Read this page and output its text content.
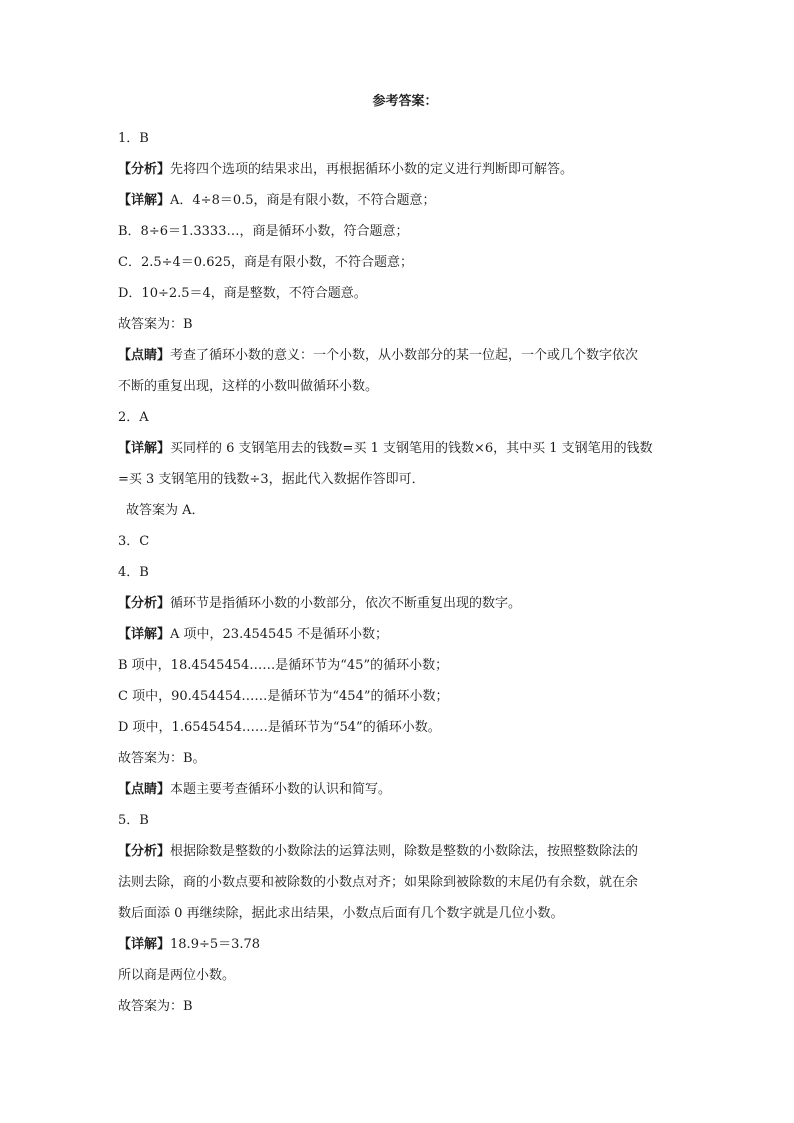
参考答案：
1．B
【分析】先将四个选项的结果求出，再根据循环小数的定义进行判断即可解答。
【详解】A．4÷8＝0.5，商是有限小数，不符合题意；
B．8÷6＝1.3333…，商是循环小数，符合题意；
C．2.5÷4＝0.625，商是有限小数，不符合题意；
D．10÷2.5＝4，商是整数，不符合题意。
故答案为：B
【点睛】考查了循环小数的意义：一个小数，从小数部分的某一位起，一个或几个数字依次
不断的重复出现，这样的小数叫做循环小数。
2．A
【详解】买同样的 6 支钢笔用去的钱数=买 1 支钢笔用的钱数×6，其中买 1 支钢笔用的钱数
=买 3 支钢笔用的钱数÷3，据此代入数据作答即可．
故答案为 A．
3．C
4．B
【分析】循环节是指循环小数的小数部分，依次不断重复出现的数字。
【详解】A 项中，23.454545 不是循环小数；
B 项中，18.4545454……是循环节为“45”的循环小数；
C 项中，90.454454……是循环节为“454”的循环小数；
D 项中，1.6545454……是循环节为“54”的循环小数。
故答案为：B。
【点睛】本题主要考查循环小数的认识和简写。
5．B
【分析】根据除数是整数的小数除法的运算法则，除数是整数的小数除法，按照整数除法的
法则去除，商的小数点要和被除数的小数点对齐；如果除到被除数的末尾仍有余数，就在余
数后面添 0 再继续除，据此求出结果，小数点后面有几个数字就是几位小数。
【详解】18.9÷5＝3.78
所以商是两位小数。
故答案为：B
